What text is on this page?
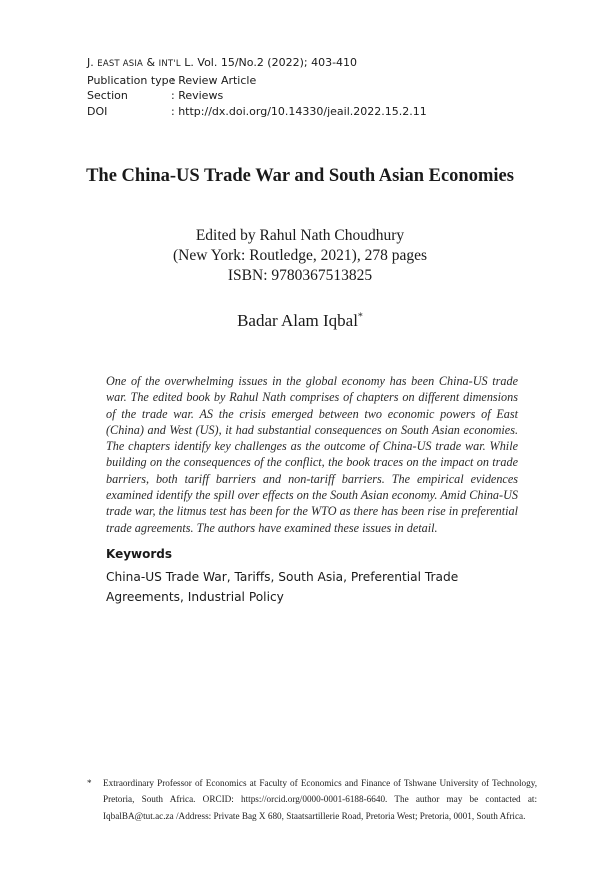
J. EAST ASIA & INT'L L. Vol. 15/No.2 (2022); 403-410
Publication type: Review Article
Section	: Reviews
DOI	: http://dx.doi.org/10.14330/jeail.2022.15.2.11
The China-US Trade War and South Asian Economies
Edited by Rahul Nath Choudhury
(New York: Routledge, 2021), 278 pages
ISBN: 9780367513825
Badar Alam Iqbal*
One of the overwhelming issues in the global economy has been China-US trade war. The edited book by Rahul Nath comprises of chapters on different dimensions of the trade war. AS the crisis emerged between two economic powers of East (China) and West (US), it had substantial consequences on South Asian economies. The chapters identify key challenges as the outcome of China-US trade war. While building on the consequences of the conflict, the book traces on the impact on trade barriers, both tariff barriers and non-tariff barriers. The empirical evidences examined identify the spill over effects on the South Asian economy. Amid China-US trade war, the litmus test has been for the WTO as there has been rise in preferential trade agreements. The authors have examined these issues in detail.
Keywords
China-US Trade War, Tariffs, South Asia, Preferential Trade Agreements, Industrial Policy
* Extraordinary Professor of Economics at Faculty of Economics and Finance of Tshwane University of Technology, Pretoria, South Africa. ORCID: https://orcid.org/0000-0001-6188-6640. The author may be contacted at: IqbalBA@tut.ac.za /Address: Private Bag X 680, Staatsartillerie Road, Pretoria West; Pretoria, 0001, South Africa.
